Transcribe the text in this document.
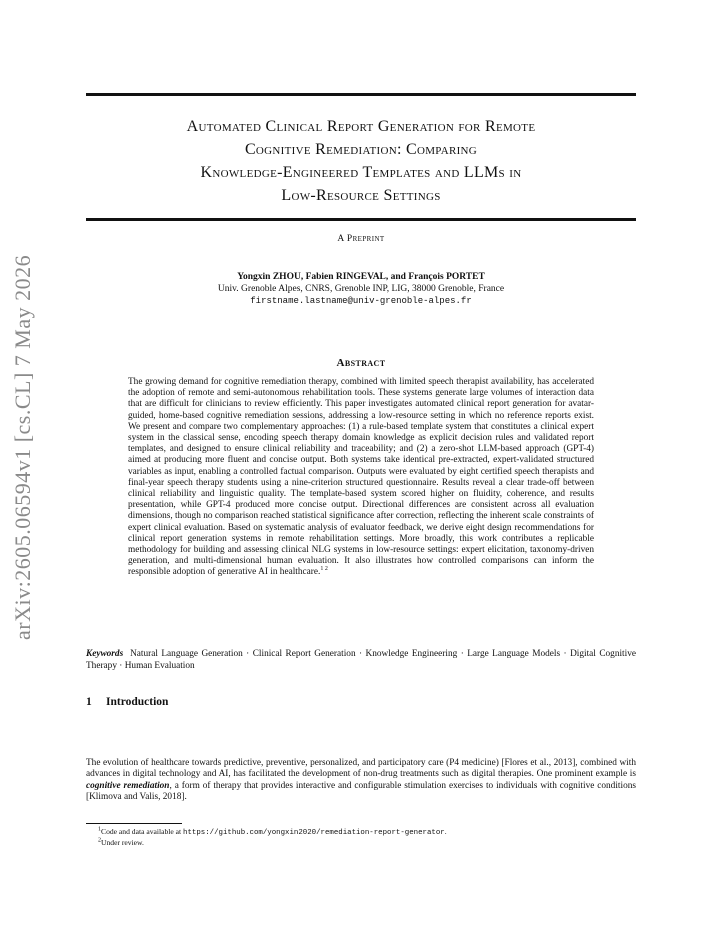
arXiv:2605.06594v1 [cs.CL] 7 May 2026
Automated Clinical Report Generation for Remote
Cognitive Remediation: Comparing
Knowledge-Engineered Templates and LLMs in
Low-Resource Settings
A Preprint
Yongxin ZHOU, Fabien RINGEVAL, and François PORTET
Univ. Grenoble Alpes, CNRS, Grenoble INP, LIG, 38000 Grenoble, France
firstname.lastname@univ-grenoble-alpes.fr
Abstract
The growing demand for cognitive remediation therapy, combined with limited speech therapist availability, has accelerated the adoption of remote and semi-autonomous rehabilitation tools. These systems generate large volumes of interaction data that are difficult for clinicians to review efficiently. This paper investigates automated clinical report generation for avatar-guided, home-based cognitive remediation sessions, addressing a low-resource setting in which no reference reports exist. We present and compare two complementary approaches: (1) a rule-based template system that constitutes a clinical expert system in the classical sense, encoding speech therapy domain knowledge as explicit decision rules and validated report templates, and designed to ensure clinical reliability and traceability; and (2) a zero-shot LLM-based approach (GPT-4) aimed at producing more fluent and concise output. Both systems take identical pre-extracted, expert-validated structured variables as input, enabling a controlled factual comparison. Outputs were evaluated by eight certified speech therapists and final-year speech therapy students using a nine-criterion structured questionnaire. Results reveal a clear trade-off between clinical reliability and linguistic quality. The template-based system scored higher on fluidity, coherence, and results presentation, while GPT-4 produced more concise output. Directional differences are consistent across all evaluation dimensions, though no comparison reached statistical significance after correction, reflecting the inherent scale constraints of expert clinical evaluation. Based on systematic analysis of evaluator feedback, we derive eight design recommendations for clinical report generation systems in remote rehabilitation settings. More broadly, this work contributes a replicable methodology for building and assessing clinical NLG systems in low-resource settings: expert elicitation, taxonomy-driven generation, and multi-dimensional human evaluation. It also illustrates how controlled comparisons can inform the responsible adoption of generative AI in healthcare.$^{1 2}$
Keywords Natural Language Generation · Clinical Report Generation · Knowledge Engineering · Large Language Models · Digital Cognitive Therapy · Human Evaluation
1 Introduction
The evolution of healthcare towards predictive, preventive, personalized, and participatory care (P4 medicine) [Flores et al., 2013], combined with advances in digital technology and AI, has facilitated the development of non-drug treatments such as digital therapies. One prominent example is cognitive remediation, a form of therapy that provides interactive and configurable stimulation exercises to individuals with cognitive conditions [Klimova and Valis, 2018].
$^1$Code and data available at https://github.com/yongxin2020/remediation-report-generator.
$^2$Under review.
